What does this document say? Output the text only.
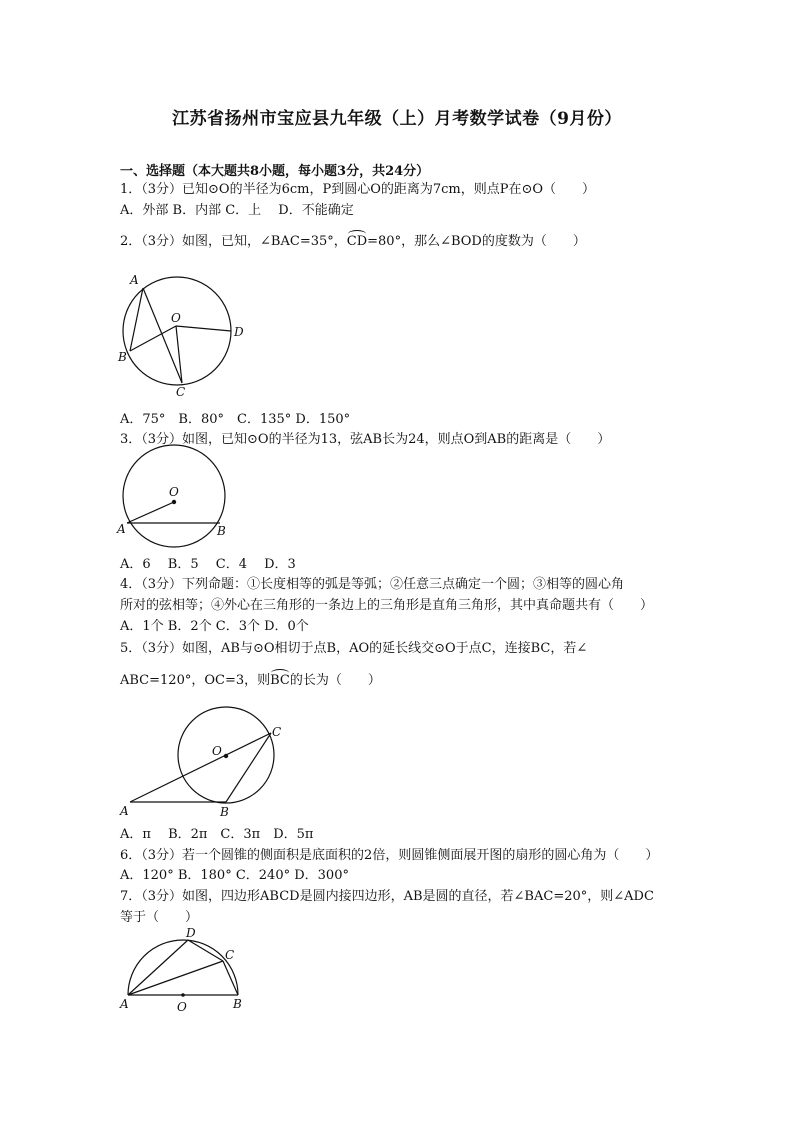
江苏省扬州市宝应县九年级（上）月考数学试卷（9月份）
一、选择题（本大题共8小题，每小题3分，共24分）
1．（3分）已知⊙O的半径为6cm，P到圆心O的距离为7cm，则点P在⊙O（　　）
A．外部 B．内部 C．上　 D．不能确定
2．（3分）如图，已知，∠BAC=35°，CD=80°，那么∠BOD的度数为（　　）
A
B
C
D
O
A．75°　B．80°　C．135° D．150°
3．（3分）如图，已知⊙O的半径为13，弦AB长为24，则点O到AB的距离是（　　）
A	B
O
A．6　 B．5　 C．4　 D．3
4．（3分）下列命题：①长度相等的弧是等弧；②任意三点确定一个圆；③相等的圆心角
所对的弦相等；④外心在三角形的一条边上的三角形是直角三角形，其中真命题共有（　　）
A．1个 B．2个 C．3个 D．0个
5．（3分）如图，AB与⊙O相切于点B，AO的延长线交⊙O于点C，连接BC，若∠
ABC=120°，OC=3，则BC的长为（　　）
A	B
C
O
A．π　 B．2π　C．3π　D．5π
6．（3分）若一个圆锥的侧面积是底面积的2倍，则圆锥侧面展开图的扇形的圆心角为（　　）
A．120° B．180° C．240° D．300°
7．（3分）如图，四边形ABCD是圆内接四边形，AB是圆的直径，若∠BAC=20°，则∠ADC
等于（　　）
A	B
C
D
O
